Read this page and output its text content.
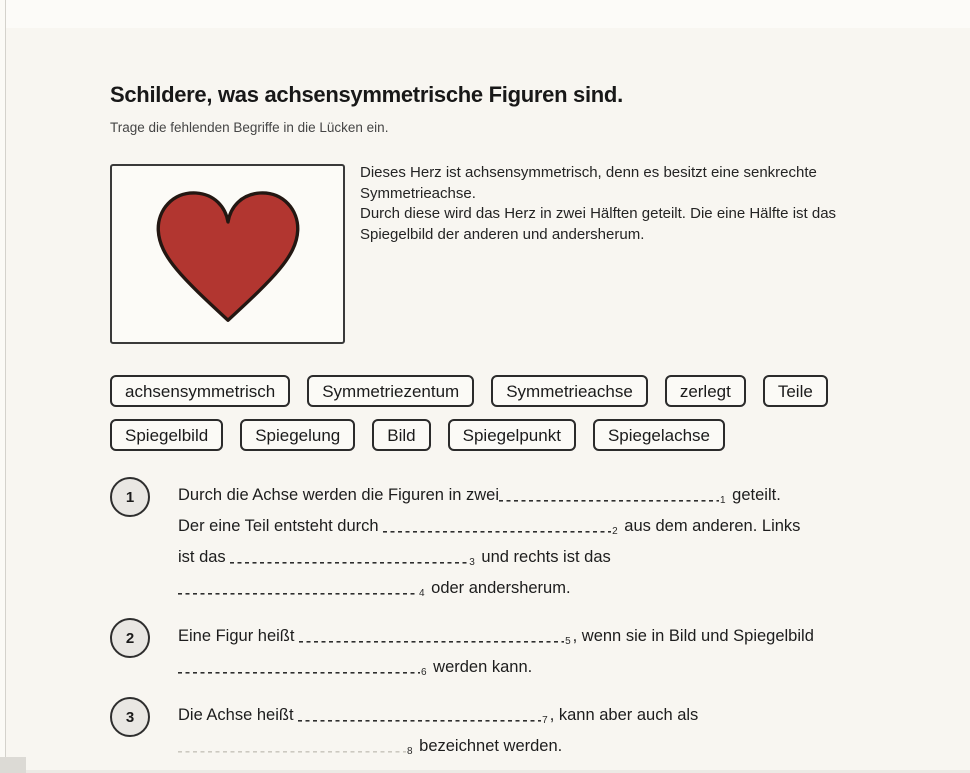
Schildere, was achsensymmetrische Figuren sind.
Trage die fehlenden Begriffe in die Lücken ein.
Dieses Herz ist achsensymmetrisch, denn es besitzt eine senkrechte
Symmetrieachse.
Durch diese wird das Herz in zwei Hälften geteilt. Die eine Hälfte ist das
Spiegelbild der anderen und andersherum.
achsensymmetrisch	Symmetriezentum	Symmetrieachse	zerlegt	Teile
Spiegelbild	Spiegelung	Bild	Spiegelpunkt	Spiegelachse
1	Durch die Achse werden die Figuren in zwei	1 geteilt.
Der eine Teil entsteht durch	2 aus dem anderen. Links
ist das	3 und rechts ist das
4 oder andersherum.
2	Eine Figur heißt	5 , wenn sie in Bild und Spiegelbild
6 werden kann.
3	Die Achse heißt	7 , kann aber auch als
8 bezeichnet werden.
